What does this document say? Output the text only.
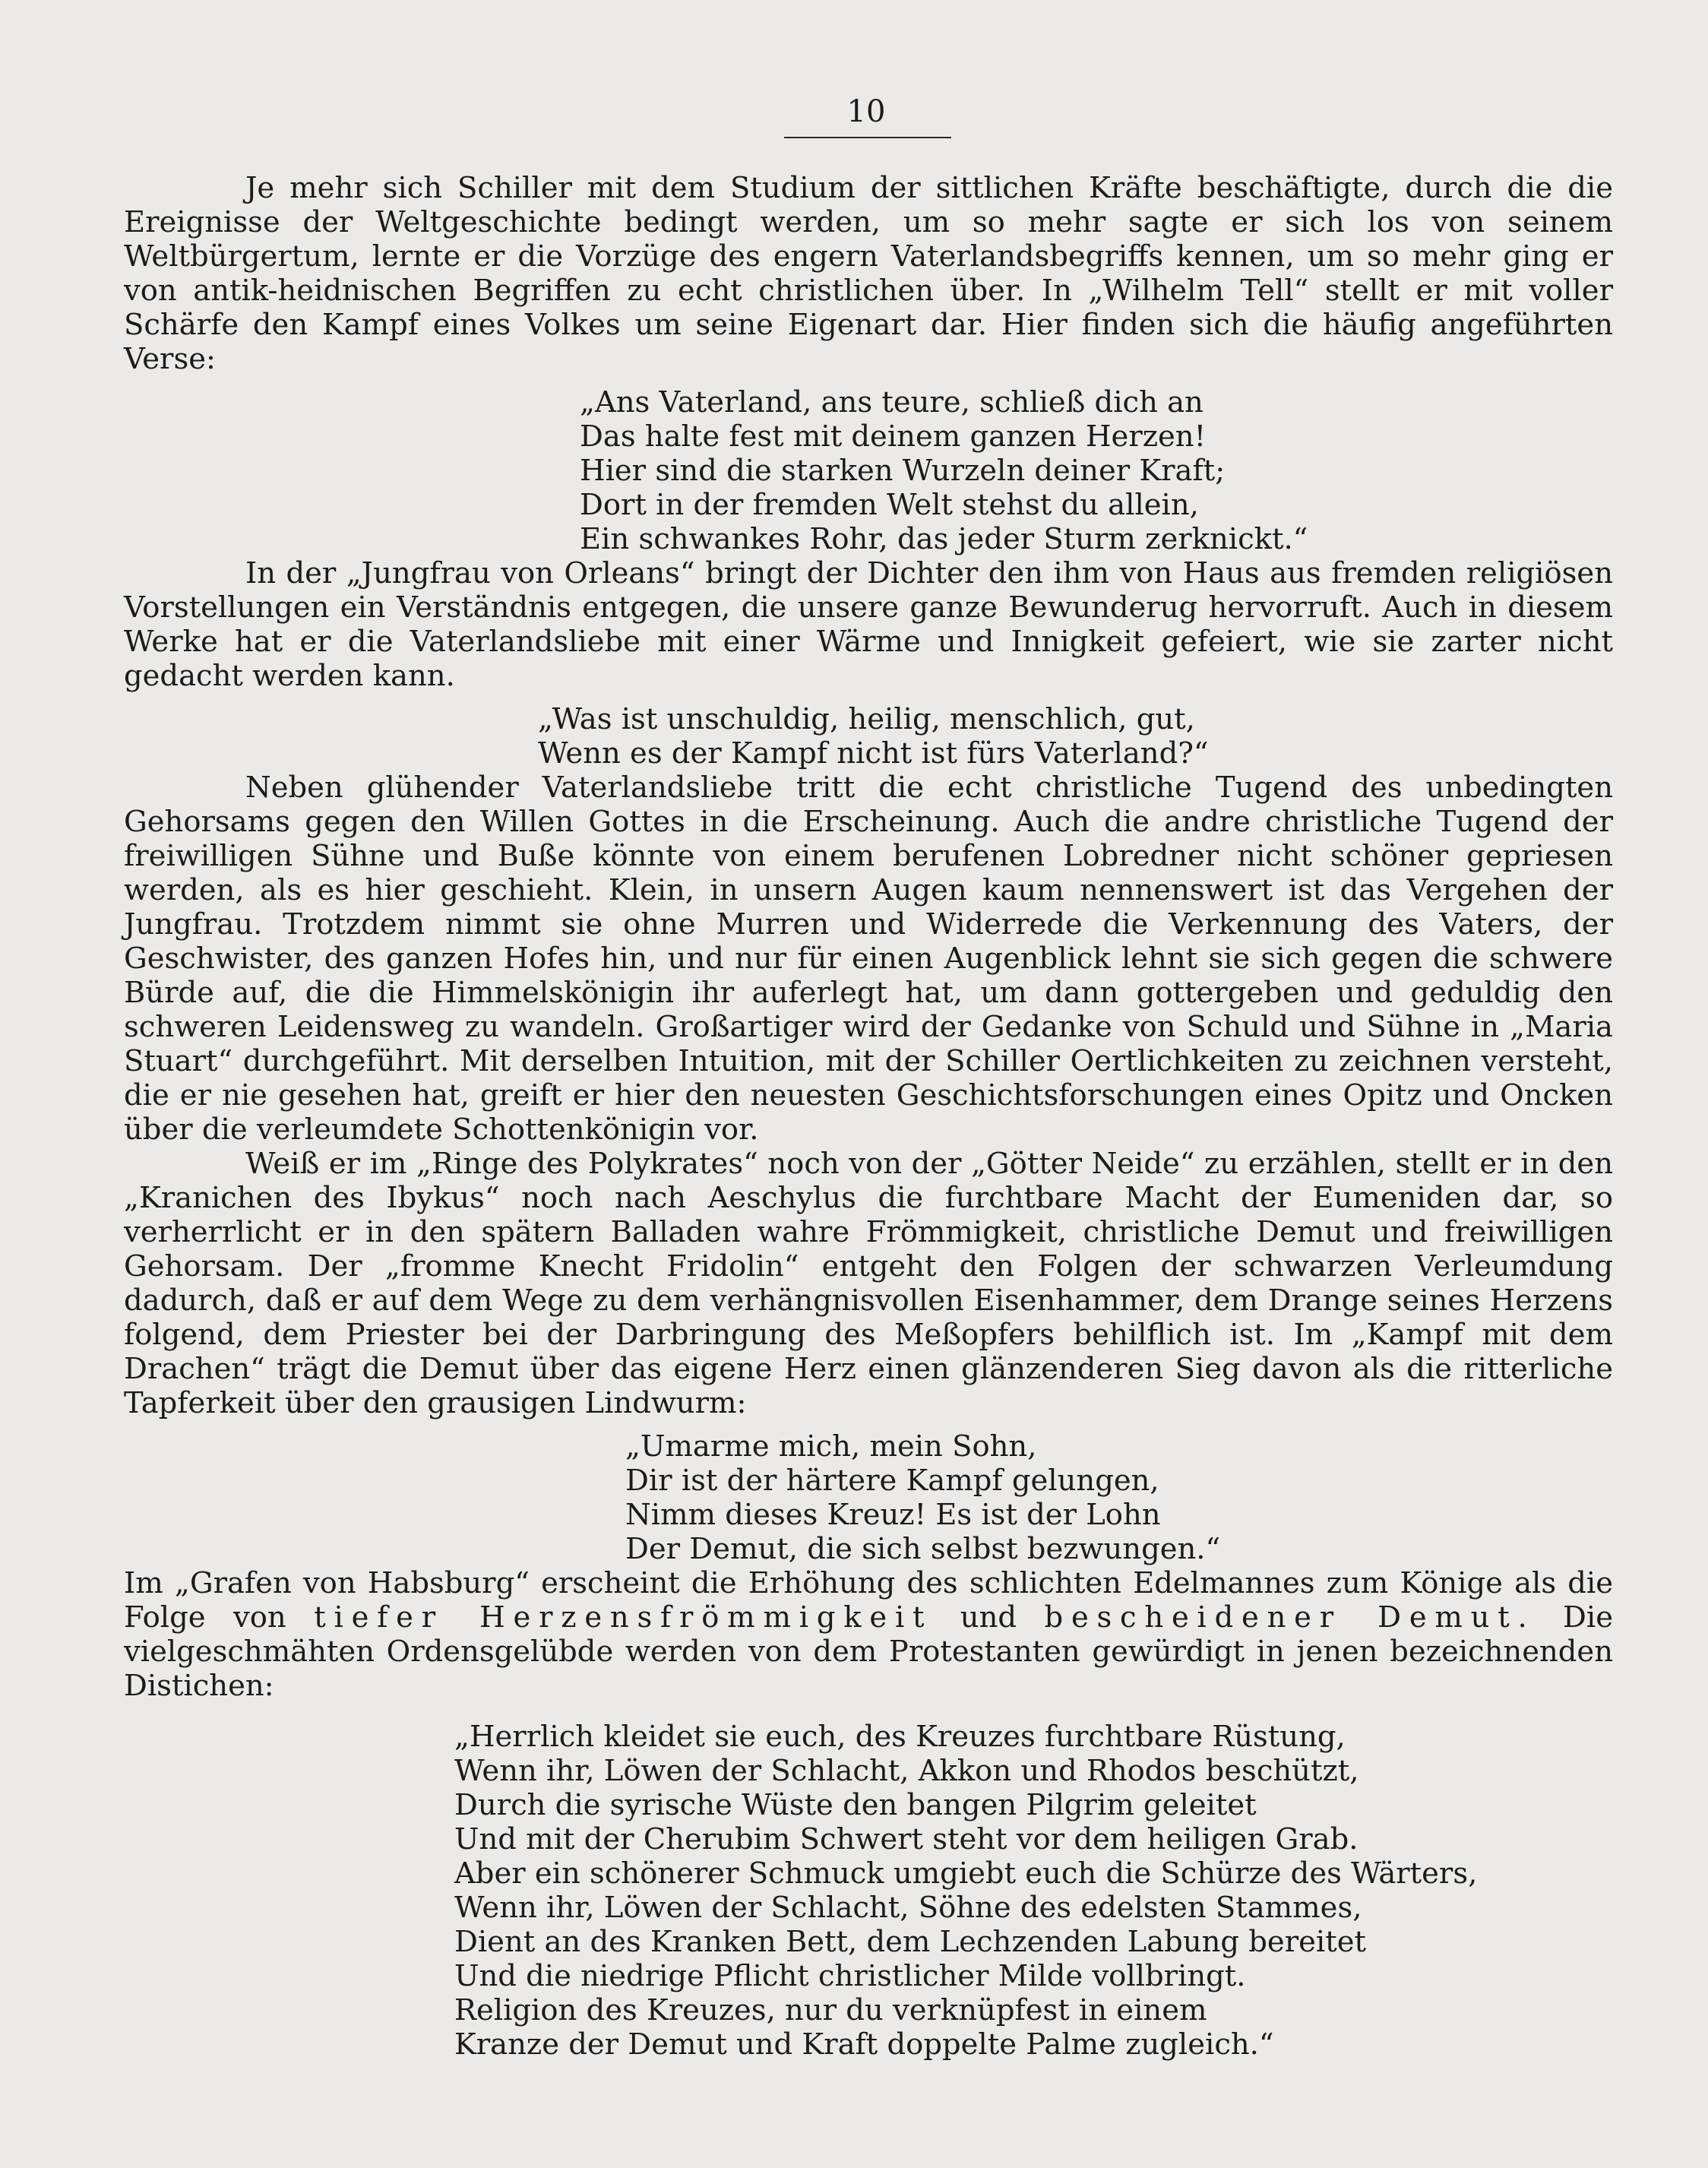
10

Je mehr sich Schiller mit dem Studium der sittlichen Kräfte beschäftigte, durch die die Ereignisse der Weltgeschichte bedingt werden, um so mehr sagte er sich los von seinem Weltbürgertum, lernte er die Vorzüge des engern Vaterlandsbegriffs kennen, um so mehr ging er von antik-heidnischen Begriffen zu echt christlichen über. In „Wilhelm Tell“ stellt er mit voller Schärfe den Kampf eines Volkes um seine Eigenart dar. Hier finden sich die häufig angeführten Verse:

„Ans Vaterland, ans teure, schließ dich an
Das halte fest mit deinem ganzen Herzen!
Hier sind die starken Wurzeln deiner Kraft;
Dort in der fremden Welt stehst du allein,
Ein schwankes Rohr, das jeder Sturm zerknickt.“

In der „Jungfrau von Orleans“ bringt der Dichter den ihm von Haus aus fremden religiösen Vorstellungen ein Verständnis entgegen, die unsere ganze Bewunderug hervorruft. Auch in diesem Werke hat er die Vaterlandsliebe mit einer Wärme und Innigkeit gefeiert, wie sie zarter nicht gedacht werden kann.

„Was ist unschuldig, heilig, menschlich, gut,
Wenn es der Kampf nicht ist fürs Vaterland?“

Neben glühender Vaterlandsliebe tritt die echt christliche Tugend des unbedingten Gehorsams gegen den Willen Gottes in die Erscheinung. Auch die andre christliche Tugend der freiwilligen Sühne und Buße könnte von einem berufenen Lobredner nicht schöner gepriesen werden, als es hier geschieht. Klein, in unsern Augen kaum nennenswert ist das Vergehen der Jungfrau. Trotzdem nimmt sie ohne Murren und Widerrede die Verkennung des Vaters, der Geschwister, des ganzen Hofes hin, und nur für einen Augenblick lehnt sie sich gegen die schwere Bürde auf, die die Himmelskönigin ihr auferlegt hat, um dann gottergeben und geduldig den schweren Leidensweg zu wandeln. Großartiger wird der Gedanke von Schuld und Sühne in „Maria Stuart“ durchgeführt. Mit derselben Intuition, mit der Schiller Oertlichkeiten zu zeichnen versteht, die er nie gesehen hat, greift er hier den neuesten Geschichtsforschungen eines Opitz und Oncken über die verleumdete Schottenkönigin vor.

Weiß er im „Ringe des Polykrates“ noch von der „Götter Neide“ zu erzählen, stellt er in den „Kranichen des Ibykus“ noch nach Aeschylus die furchtbare Macht der Eumeniden dar, so verherrlicht er in den spätern Balladen wahre Frömmigkeit, christliche Demut und freiwilligen Gehorsam. Der „fromme Knecht Fridolin“ entgeht den Folgen der schwarzen Verleumdung dadurch, daß er auf dem Wege zu dem verhängnisvollen Eisenhammer, dem Drange seines Herzens folgend, dem Priester bei der Darbringung des Meßopfers behilflich ist. Im „Kampf mit dem Drachen“ trägt die Demut über das eigene Herz einen glänzenderen Sieg davon als die ritterliche Tapferkeit über den grausigen Lindwurm:

„Umarme mich, mein Sohn,
Dir ist der härtere Kampf gelungen,
Nimm dieses Kreuz! Es ist der Lohn
Der Demut, die sich selbst bezwungen.“

Im „Grafen von Habsburg“ erscheint die Erhöhung des schlichten Edelmannes zum Könige als die Folge von tiefer Herzensfrömmigkeit und bescheidener Demut. Die vielgeschmähten Ordensgelübde werden von dem Protestanten gewürdigt in jenen bezeichnenden Distichen:

„Herrlich kleidet sie euch, des Kreuzes furchtbare Rüstung,
Wenn ihr, Löwen der Schlacht, Akkon und Rhodos beschützt,
Durch die syrische Wüste den bangen Pilgrim geleitet
Und mit der Cherubim Schwert steht vor dem heiligen Grab.
Aber ein schönerer Schmuck umgiebt euch die Schürze des Wärters,
Wenn ihr, Löwen der Schlacht, Söhne des edelsten Stammes,
Dient an des Kranken Bett, dem Lechzenden Labung bereitet
Und die niedrige Pflicht christlicher Milde vollbringt.
Religion des Kreuzes, nur du verknüpfest in einem
Kranze der Demut und Kraft doppelte Palme zugleich.“
